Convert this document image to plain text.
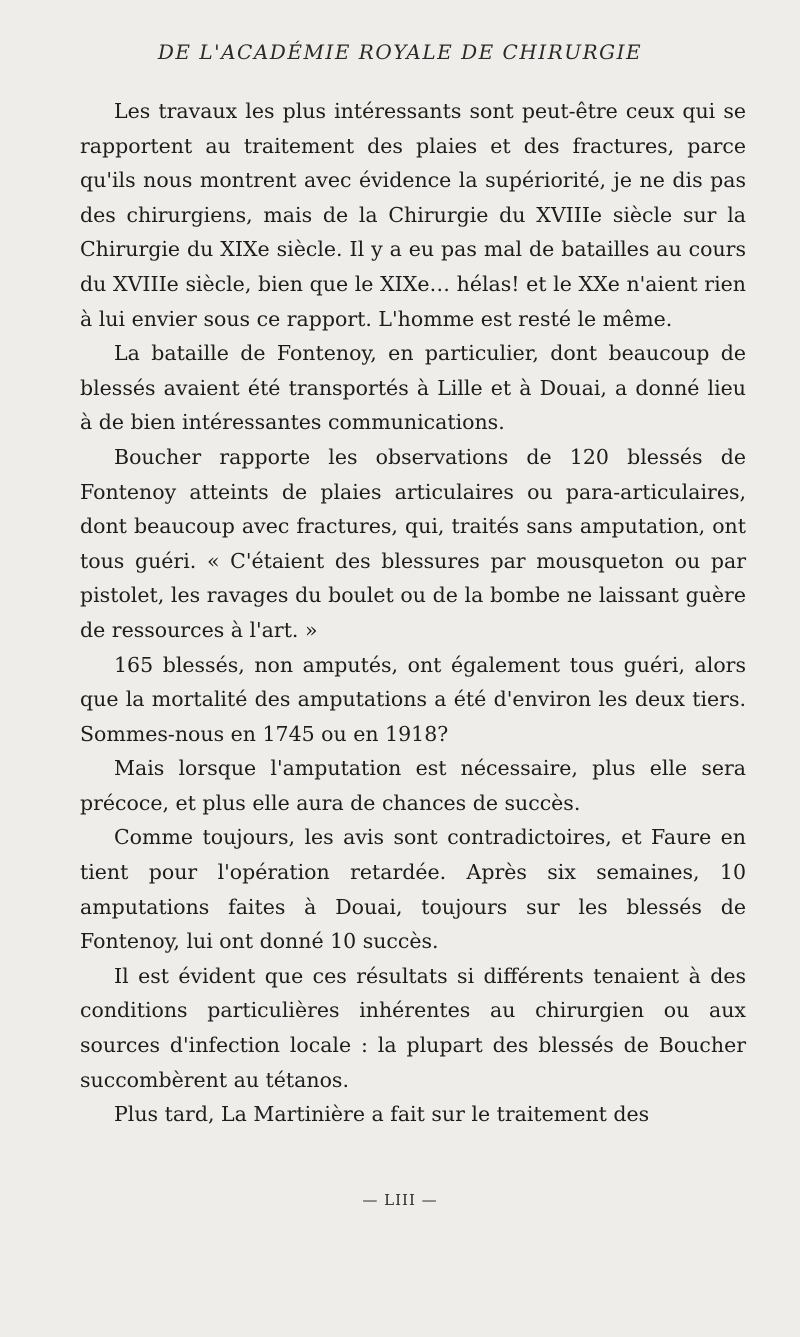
DE L'ACADÉMIE ROYALE DE CHIRURGIE

Les travaux les plus intéressants sont peut-être ceux qui se rapportent au traitement des plaies et des fractures, parce qu'ils nous montrent avec évidence la supériorité, je ne dis pas des chirurgiens, mais de la Chirurgie du XVIIIe siècle sur la Chirurgie du XIXe siècle. Il y a eu pas mal de batailles au cours du XVIIIe siècle, bien que le XIXe… hélas! et le XXe n'aient rien à lui envier sous ce rapport. L'homme est resté le même.

La bataille de Fontenoy, en particulier, dont beaucoup de blessés avaient été transportés à Lille et à Douai, a donné lieu à de bien intéressantes communications.

Boucher rapporte les observations de 120 blessés de Fontenoy atteints de plaies articulaires ou para-articulaires, dont beaucoup avec fractures, qui, traités sans amputation, ont tous guéri. « C'étaient des blessures par mousqueton ou par pistolet, les ravages du boulet ou de la bombe ne laissant guère de ressources à l'art. »

165 blessés, non amputés, ont également tous guéri, alors que la mortalité des amputations a été d'environ les deux tiers. Sommes-nous en 1745 ou en 1918?

Mais lorsque l'amputation est nécessaire, plus elle sera précoce, et plus elle aura de chances de succès.

Comme toujours, les avis sont contradictoires, et Faure en tient pour l'opération retardée. Après six semaines, 10 amputations faites à Douai, toujours sur les blessés de Fontenoy, lui ont donné 10 succès.

Il est évident que ces résultats si différents tenaient à des conditions particulières inhérentes au chirurgien ou aux sources d'infection locale : la plupart des blessés de Boucher succombèrent au tétanos.

Plus tard, La Martinière a fait sur le traitement des

— LIII —
